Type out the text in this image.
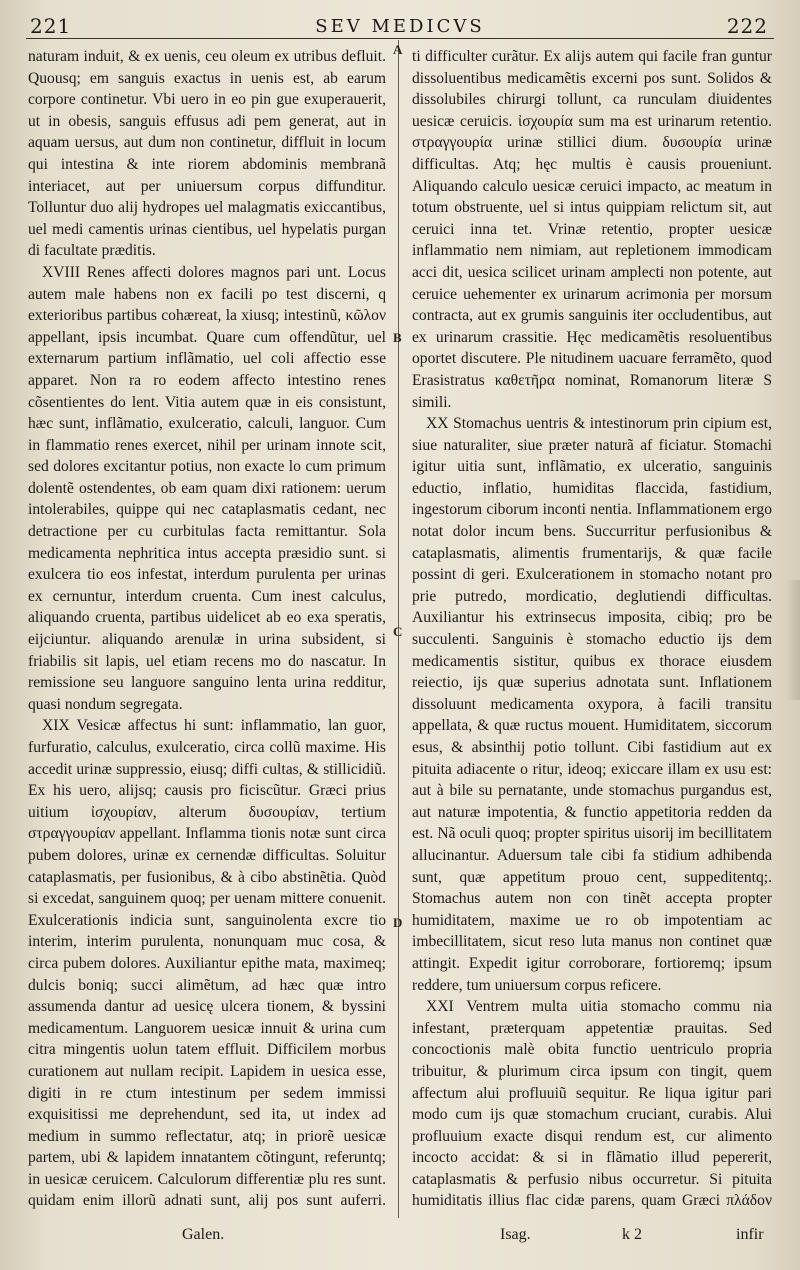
221	SEV MEDICVS	222
A
B
C
D

naturam induit, & ex uenis, ceu oleum ex utribus defluit. Quousq; em sanguis exactus in uenis est, ab earum corpore continetur. Vbi uero in eo pin gue exuperauerit, ut in obesis, sanguis effusus adi pem generat, aut in aquam uersus, aut dum non continetur, diffluit in locum qui intestina & inte riorem abdominis membranã interiacet, aut per uniuersum corpus diffunditur. Tolluntur duo alij hydropes uel malagmatis exiccantibus, uel medi camentis urinas cientibus, uel hypelatis purgan di facultate præditis.

XVIII Renes affecti dolores magnos pari unt. Locus autem male habens non ex facili po test discerni, q exterioribus partibus cohæreat, la xiusq; intestinũ, κῶλον appellant, ipsis incumbat. Quare cum offendũtur, uel externarum partium inflãmatio, uel coli affectio esse apparet. Non ra ro eodem affecto intestino renes cõsentientes do lent. Vitia autem quæ in eis consistunt, hæc sunt, inflãmatio, exulceratio, calculi, languor. Cum in flammatio renes exercet, nihil per urinam innote scit, sed dolores excitantur potius, non exacte lo cum primum dolentẽ ostendentes, ob eam quam dixi rationem: uerum intolerabiles, quippe qui nec cataplasmatis cedant, nec detractione per cu curbitulas facta remittantur. Sola medicamenta nephritica intus accepta præsidio sunt. si exulcera tio eos infestat, interdum purulenta per urinas ex cernuntur, interdum cruenta. Cum inest calculus, aliquando cruenta, partibus uidelicet ab eo exa speratis, eijciuntur. aliquando arenulæ in urina subsident, si friabilis sit lapis, uel etiam recens mo do nascatur. In remissione seu languore sanguino lenta urina redditur, quasi nondum segregata.

XIX Vesicæ affectus hi sunt: inflammatio, lan guor, furfuratio, calculus, exulceratio, circa collũ maxime. His accedit urinæ suppressio, eiusq; diffi cultas, & stillicidiũ. Ex his uero, alijsq; causis pro ficiscũtur. Græci prius uitium ἰσχουρίαν, alterum δυσουρίαν, tertium στραγγουρίαν appellant. Inflamma tionis notæ sunt circa pubem dolores, urinæ ex cernendæ difficultas. Soluitur cataplasmatis, per fusionibus, & à cibo abstinẽtia. Quòd si excedat, sanguinem quoq; per uenam mittere conuenit. Exulcerationis indicia sunt, sanguinolenta excre tio interim, interim purulenta, nonunquam muc cosa, & circa pubem dolores. Auxiliantur epithe mata, maximeq; dulcis boniq; succi alimẽtum, ad hæc quæ intro assumenda dantur ad uesicę ulcera tionem, & byssini medicamentum. Languorem uesicæ innuit & urina cum citra mingentis uolun tatem effluit. Difficilem morbus curationem aut nullam recipit. Lapidem in uesica esse, digiti in re ctum intestinum per sedem immissi exquisitissi me deprehendunt, sed ita, ut index ad medium in summo reflectatur, atq; in priorẽ uesicæ partem, ubi & lapidem innatantem cõtingunt, referuntq; in uesicæ ceruicem. Calculorum differentiæ plu res sunt. quidam enim illorũ adnati sunt, alij pos sunt auferri.

ti difficulter curãtur. Ex alijs autem qui facile fran guntur dissoluentibus medicamẽtis excerni pos sunt. Solidos & dissolubiles chirurgi tollunt, ca runculam diuidentes uesicæ ceruicis. ἰσχουρία sum ma est urinarum retentio. στραγγουρία urinæ stillici dium. δυσουρία urinæ difficultas. Atq; hęc multis è causis proueniunt. Aliquando calculo uesicæ ceruici impacto, ac meatum in totum obstruente, uel si intus quippiam relictum sit, aut ceruici inna tet. Vrinæ retentio, propter uesicæ inflammatio nem nimiam, aut repletionem immodicam acci dit, uesica scilicet urinam amplecti non potente, aut ceruice uehementer ex urinarum acrimonia per morsum contracta, aut ex grumis sanguinis iter occludentibus, aut ex urinarum crassitie. Hęc medicamẽtis resoluentibus oportet discutere. Ple nitudinem uacuare ferramẽto, quod Erasistratus καθετῆρα nominat, Romanorum literæ S simili.

XX Stomachus uentris & intestinorum prin cipium est, siue naturaliter, siue præter naturã af ficiatur. Stomachi igitur uitia sunt, inflãmatio, ex ulceratio, sanguinis eductio, inflatio, humiditas flaccida, fastidium, ingestorum ciborum inconti nentia. Inflammationem ergo notat dolor incum bens. Succurritur perfusionibus & cataplasmatis, alimentis frumentarijs, & quæ facile possint di geri. Exulcerationem in stomacho notant pro prie putredo, mordicatio, deglutiendi difficultas. Auxiliantur his extrinsecus imposita, cibiq; pro be succulenti. Sanguinis è stomacho eductio ijs dem medicamentis sistitur, quibus ex thorace eiusdem reiectio, ijs quæ superius adnotata sunt. Inflationem dissoluunt medicamenta oxypora, à facili transitu appellata, & quæ ructus mouent. Humiditatem, siccorum esus, & absinthij potio tollunt. Cibi fastidium aut ex pituita adiacente o ritur, ideoq; exiccare illam ex usu est: aut à bile su pernatante, unde stomachus purgandus est, aut naturæ impotentia, & functio appetitoria redden da est. Nã oculi quoq; propter spiritus uisorij im becillitatem allucinantur. Aduersum tale cibi fa stidium adhibenda sunt, quæ appetitum prouo cent, suppeditentq;. Stomachus autem non con tinẽt accepta propter humiditatem, maxime ue ro ob impotentiam ac imbecillitatem, sicut reso luta manus non continet quæ attingit. Expedit igitur corroborare, fortioremq; ipsum reddere, tum uniuersum corpus reficere.

XXI Ventrem multa uitia stomacho commu nia infestant, præterquam appetentiæ prauitas. Sed concoctionis malè obita functio uentriculo propria tribuitur, & plurimum circa ipsum con tingit, quem affectum alui profluuiũ sequitur. Re liqua igitur pari modo cum ijs quæ stomachum cruciant, curabis. Alui profluuium exacte disqui rendum est, cur alimento incocto accidat: & si in flãmatio illud pepererit, cataplasmatis & perfusio nibus occurretur. Si pituita humiditatis illius flac cidæ parens, quam Græci πλάδον

Galen.	Isag.	k 2	infir
